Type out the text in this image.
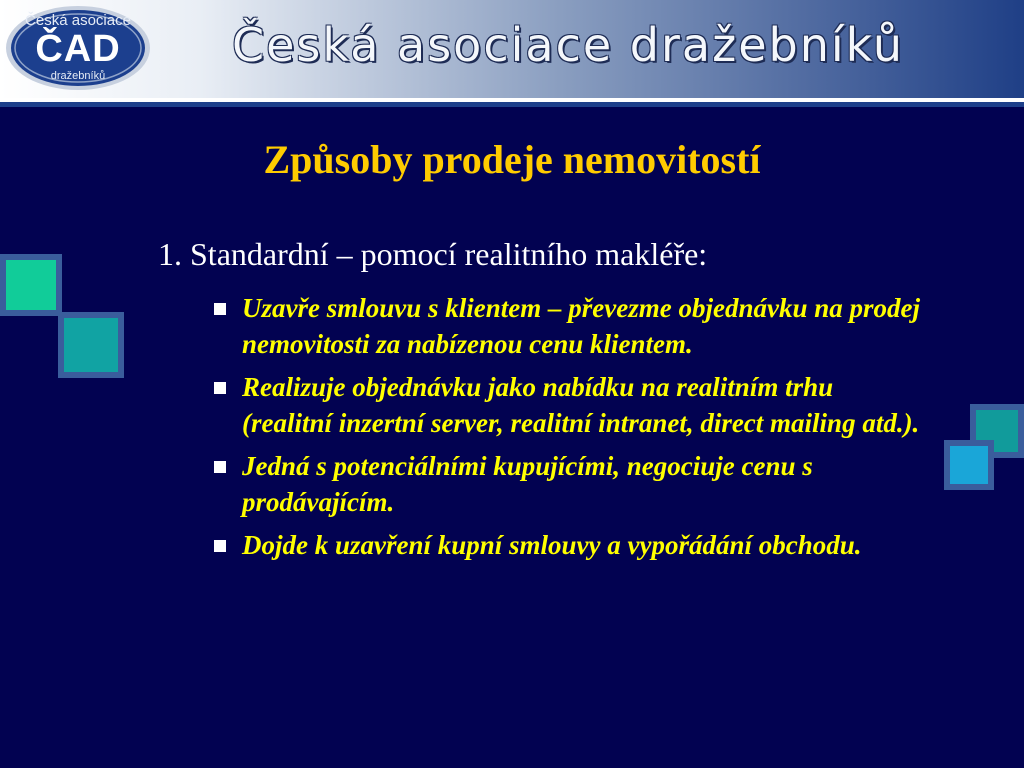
Česká asociace
ČAD
dražebníků
Česká asociace dražebníků
Způsoby prodeje nemovitostí
1. Standardní – pomocí realitního makléře:
Uzavře smlouvu s klientem – převezme objednávku na prodej nemovitosti za nabízenou cenu klientem.
Realizuje objednávku jako nabídku na realitním trhu (realitní inzertní server, realitní intranet, direct mailing atd.).
Jedná s potenciálními kupujícími, negociuje cenu s prodávajícím.
Dojde k uzavření kupní smlouvy a vypořádání obchodu.
